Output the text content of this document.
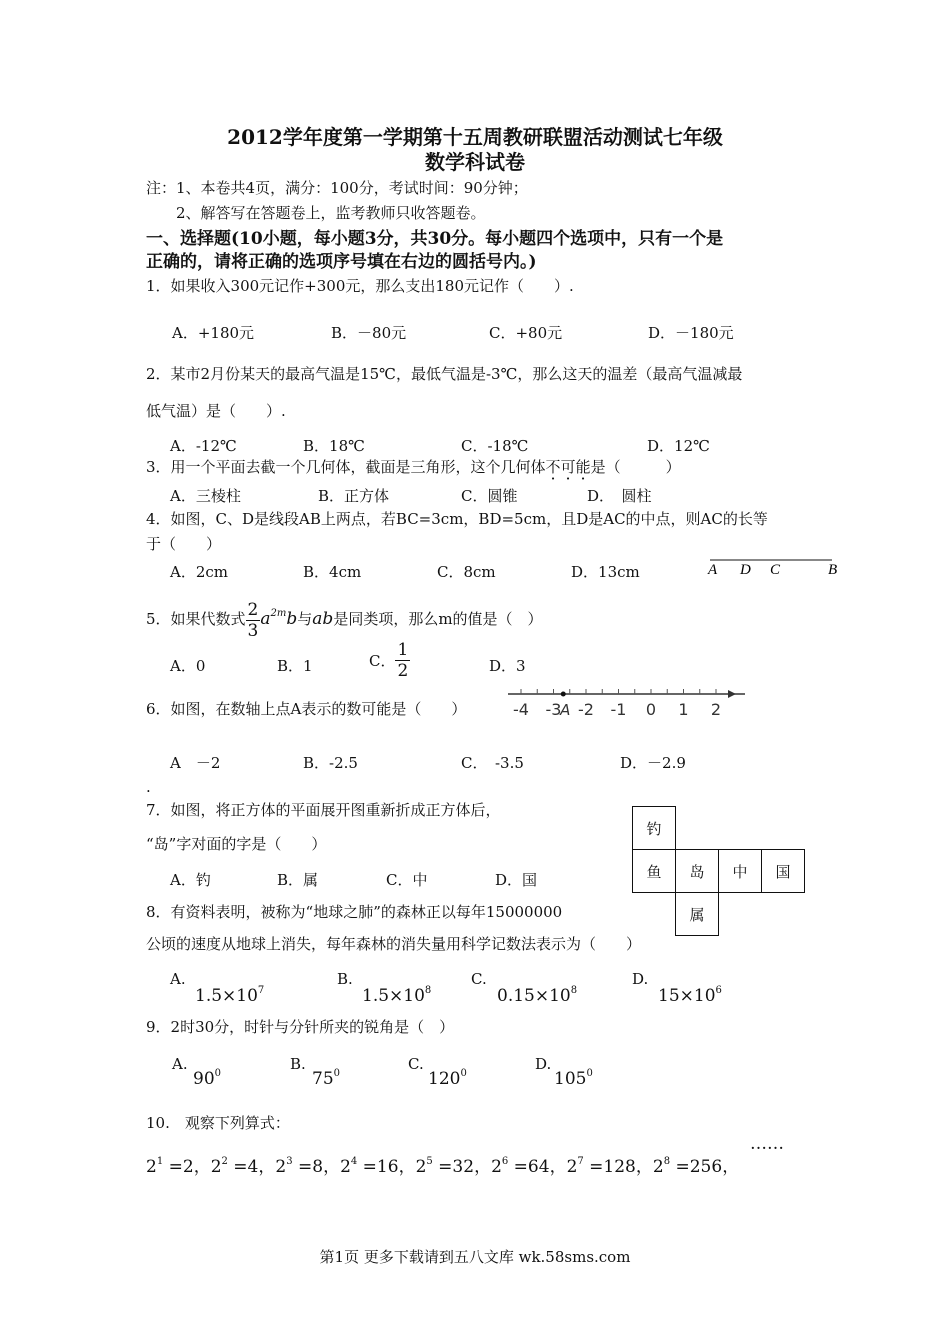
2012学年度第一学期第十五周教研联盟活动测试七年级
数学科试卷
注：1、本卷共4页，满分：100分，考试时间：90分钟；
2、解答写在答题卷上，监考教师只收答题卷。
一、选择题(10小题，每小题3分，共30分。每小题四个选项中，只有一个是
正确的，请将正确的选项序号填在右边的圆括号内。)
1．如果收入300元记作+300元，那么支出180元记作（　　）.
A．+180元	B．－80元	C．+80元	D．－180元
2．某市2月份某天的最高气温是15℃，最低气温是-3℃，那么这天的温差（最高气温减最
低气温）是（　　）.
A．-12℃	B．18℃	C．-18℃	D．12℃
3．用一个平面去截一个几何体，截面是三角形，这个几何体不可能是（　　　）
A．三棱柱	B．正方体	C．圆锥	D．　圆柱
4．如图，C、D是线段AB上两点，若BC=3cm，BD=5cm，且D是AC的中点，则AC的长等
于（　　）
A．2cm	B．4cm	C．8cm	D．13cm	A D C	B
5．如果代数式 $\frac{2}{3} a^{2m}b$与ab是同类项，那么m的值是（　）
A．0	B．1	C． $\frac{1}{2}$	D．3
6．如图，在数轴上点A表示的数可能是（　　）	-4 -3 -2 -1 0 1 2
A
A　－2	B．-2.5	C．　-3.5	D．－2.9
.
7．如图，将正方体的平面展开图重新折成正方体后，
“岛”字对面的字是（　　）
A．钓	B．属	C．中	D．国
钓
鱼	岛	中	国
属
8．有资料表明，被称为“地球之肺”的森林正以每年15000000
公顷的速度从地球上消失，每年森林的消失量用科学记数法表示为（　　）
A.
$1.5\times 10^7$
B.
$1.5\times 10^8$
C.
$0.15\times 10^8$
D.
$15\times 10^6$
9．2时30分，时针与分针所夹的锐角是（　）
A.
$90^0$
B.
$75^0$
C.
$120^0$
D.
$105^0$
10.　观察下列算式：
$2^1 =2$，$2^2 =4$，$2^3 =8$，$2^4 =16$，$2^5 =32$，$2^6 =64$，$2^7 =128$，$2^8 =256$，
……
第1页 更多下载请到五八文库 wk.58sms.com
